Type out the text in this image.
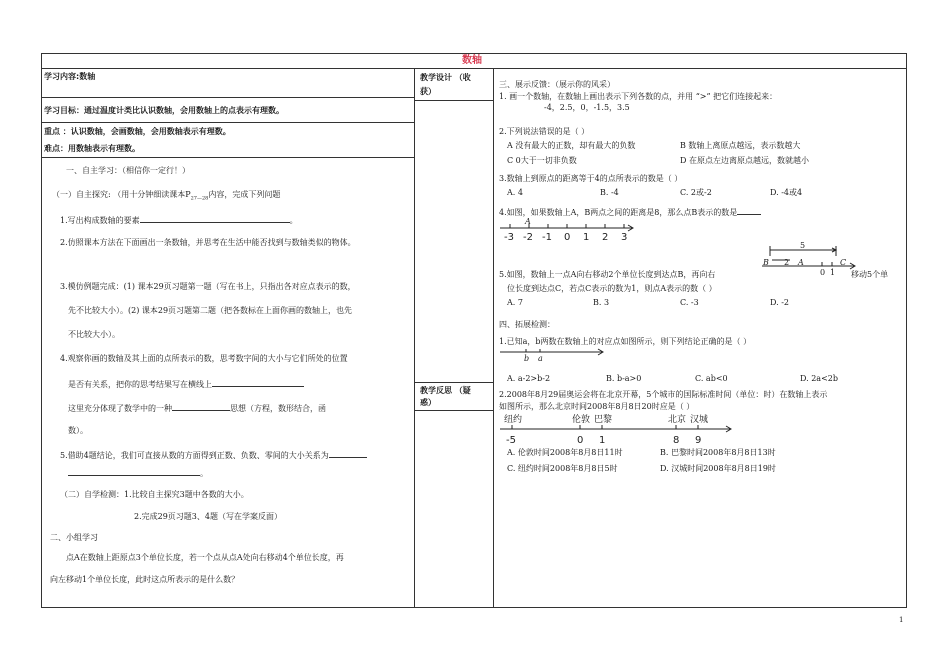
数轴
学习内容:数轴
学习目标：通过温度计类比认识数轴，会用数轴上的点表示有理数。
重点 ：认识数轴，会画数轴，会用数轴表示有理数。
难点：用数轴表示有理数。
一、自主学习：（相信你一定行！）
（一）自主探究: （用十分钟细读课本$P_{27—28}$内容，完成下列问题
1.写出构成数轴的要素	。
2.仿照课本方法在下面画出一条数轴，并思考在生活中能否找到与数轴类似的物体。
3.模仿例题完成：(1) 课本29页习题第一题（写在书上，只指出各对应点表示的数，
先不比较大小）。(2) 课本29页习题第二题（把各数标在上面你画的数轴上，也先
不比较大小）。
4.观察你画的数轴及其上面的点所表示的数，思考数字间的大小与它们所处的位置
是否有关系，把你的思考结果写在横线上
这里充分体现了数学中的一种	思想（方程，数形结合，函
数）。
5.借助4题结论，我们可直接从数的方面得到正数、负数、零间的大小关系为
。
（二）自学检测：1.比较自主探究3题中各数的大小。
2.完成29页习题3、4题（写在学案反面）
二、小组学习
点A在数轴上距原点3个单位长度，若一个点从点A处向右移动4个单位长度，再
向左移动1个单位长度，此时这点所表示的是什么数？
教学设计 （收
获）
教学反思 （疑
惑）
三、展示反馈：（展示你的风采）
1. 画一个数轴，在数轴上画出表示下列各数的点，并用 “>” 把它们连接起来：
-4，2.5，0，-1.5，3.5
2.下列说法错误的是（ ）
A 没有最大的正数，却有最大的负数	B 数轴上离原点越远，表示数越大
C 0大于一切非负数	D 在原点左边离原点越远，数就越小
3.数轴上到原点的距离等于4的点所表示的数是（ ）
A. 4	B. -4	C. 2或-2	D. -4或4
4.如图，如果数轴上A，B两点之间的距离是8，那么点B表示的数是
-3 -2 -1 0 1 2 3
A
5
B 2 A
0 1
C
5.如图，数轴上一点A向右移动2个单位长度到达点B，再向右	移动5个单
位长度到达点C，若点C表示的数为1，则点A表示的数（ ）
A. 7	B. 3	C. -3	D. -2
四、拓展检测：
1.已知a，b两数在数轴上的对应点如图所示，则下列结论正确的是（ ）
b a
A. a-2>b-2	B. b-a>0	C. ab<0	D. 2a<2b
2.2008年8月29届奥运会将在北京开幕，5个城市的国际标准时间（单位：时）在数轴上表示
如图所示，那么北京时间2008年8月8日20时应是（ ）
纽约
-5
伦敦
0
巴黎
1
北京
8
汉城
9
A. 伦敦时间2008年8月8日11时	B. 巴黎时间2008年8月8日13时
C. 纽约时间2008年8月8日5时	D. 汉城时间2008年8月8日19时
1
